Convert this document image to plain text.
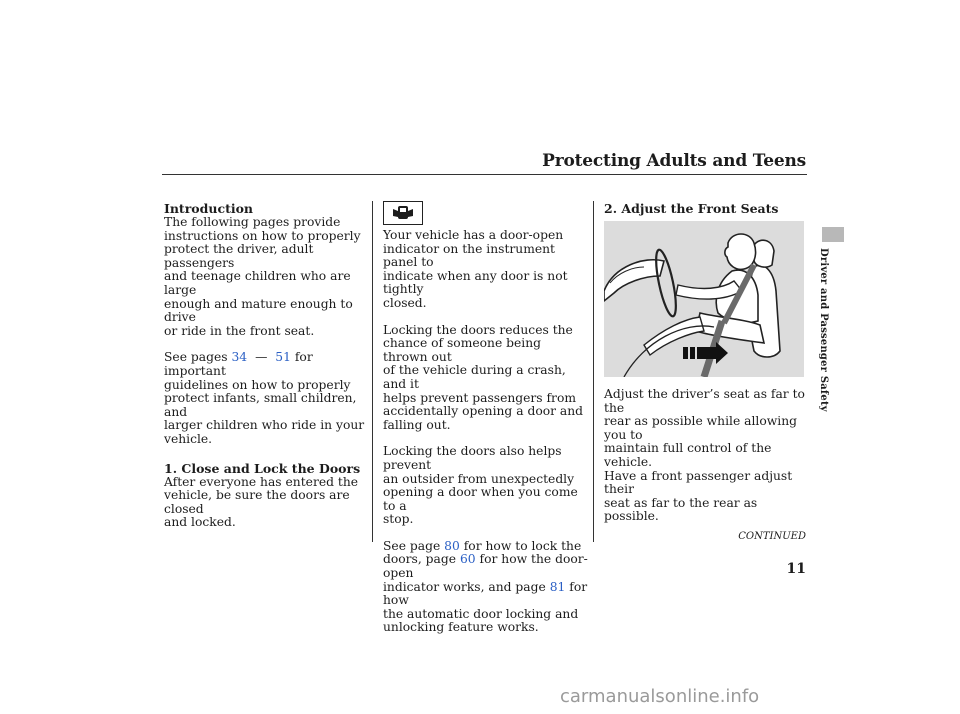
Protecting Adults and Teens
Introduction
The following pages provide
instructions on how to properly
protect the driver, adult passengers
and teenage children who are large
enough and mature enough to drive
or ride in the front seat.
See pages 34 — 51 for important
guidelines on how to properly
protect infants, small children, and
larger children who ride in your
vehicle.
1. Close and Lock the Doors
After everyone has entered the
vehicle, be sure the doors are closed
and locked.
Your vehicle has a door-open
indicator on the instrument panel to
indicate when any door is not tightly
closed.
Locking the doors reduces the
chance of someone being thrown out
of the vehicle during a crash, and it
helps prevent passengers from
accidentally opening a door and
falling out.
Locking the doors also helps prevent
an outsider from unexpectedly
opening a door when you come to a
stop.
See page 80 for how to lock the
doors, page 60 for how the door-open
indicator works, and page 81 for how
the automatic door locking and
unlocking feature works.
2. Adjust the Front Seats
Adjust the driver’s seat as far to the
rear as possible while allowing you to
maintain full control of the vehicle.
Have a front passenger adjust their
seat as far to the rear as possible.
Driver and Passenger Safety
CONTINUED
11
carmanualsonline.info
